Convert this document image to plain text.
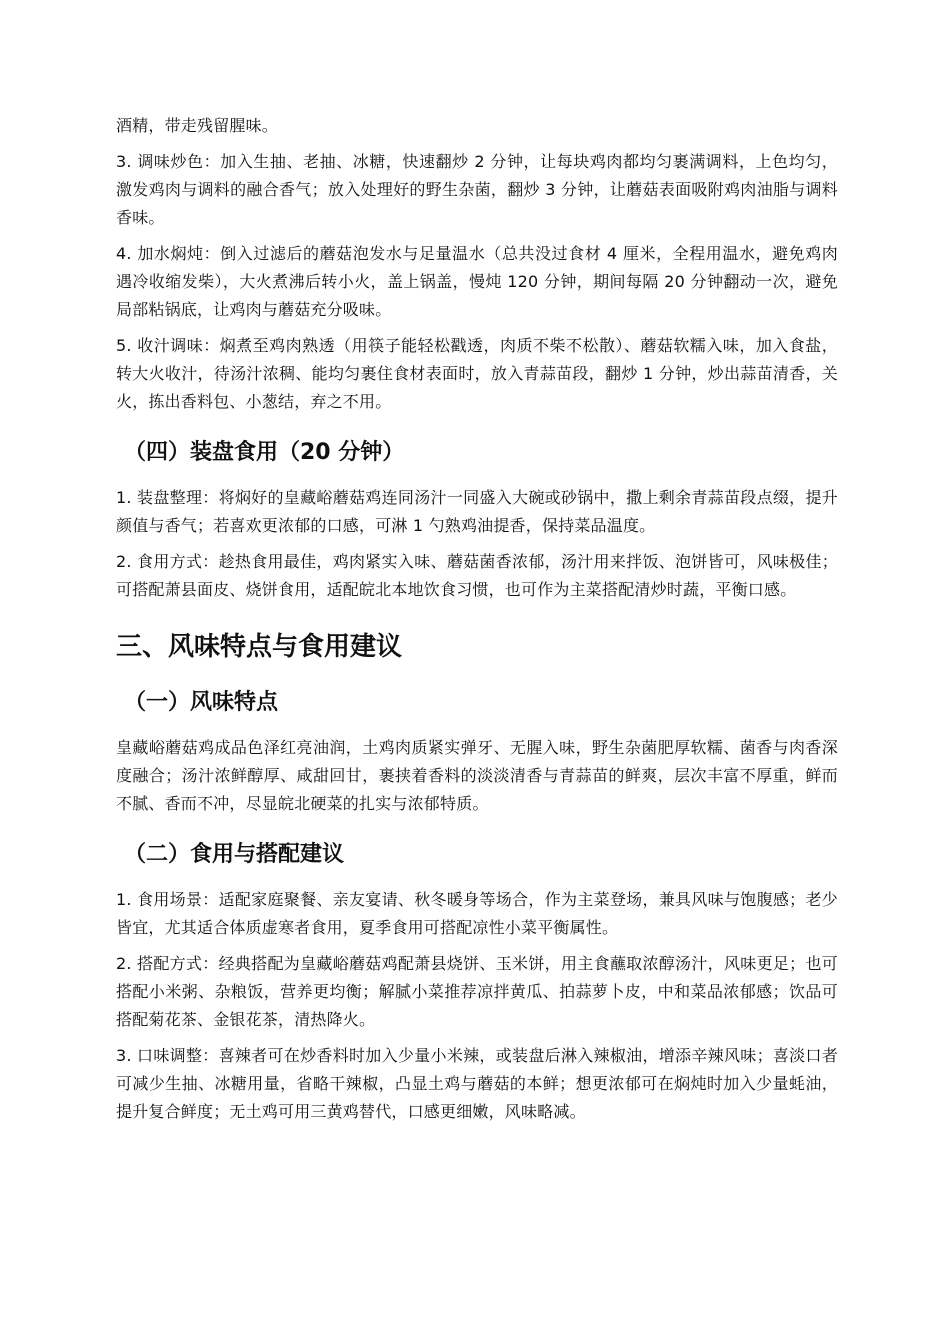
酒精，带走残留腥味。

3. 调味炒色：加入生抽、老抽、冰糖，快速翻炒 2 分钟，让每块鸡肉都均匀裹满调料，上色均匀，激发鸡肉与调料的融合香气；放入处理好的野生杂菌，翻炒 3 分钟，让蘑菇表面吸附鸡肉油脂与调料香味。

4. 加水焖炖：倒入过滤后的蘑菇泡发水与足量温水（总共没过食材 4 厘米，全程用温水，避免鸡肉遇冷收缩发柴），大火煮沸后转小火，盖上锅盖，慢炖 120 分钟，期间每隔 20 分钟翻动一次，避免局部粘锅底，让鸡肉与蘑菇充分吸味。

5. 收汁调味：焖煮至鸡肉熟透（用筷子能轻松戳透，肉质不柴不松散）、蘑菇软糯入味，加入食盐，转大火收汁，待汤汁浓稠、能均匀裹住食材表面时，放入青蒜苗段，翻炒 1 分钟，炒出蒜苗清香，关火，拣出香料包、小葱结，弃之不用。

（四）装盘食用（20 分钟）

1. 装盘整理：将焖好的皇藏峪蘑菇鸡连同汤汁一同盛入大碗或砂锅中，撒上剩余青蒜苗段点缀，提升颜值与香气；若喜欢更浓郁的口感，可淋 1 勺熟鸡油提香，保持菜品温度。

2. 食用方式：趁热食用最佳，鸡肉紧实入味、蘑菇菌香浓郁，汤汁用来拌饭、泡饼皆可，风味极佳；可搭配萧县面皮、烧饼食用，适配皖北本地饮食习惯，也可作为主菜搭配清炒时蔬，平衡口感。

三、风味特点与食用建议
（一）风味特点

皇藏峪蘑菇鸡成品色泽红亮油润，土鸡肉质紧实弹牙、无腥入味，野生杂菌肥厚软糯、菌香与肉香深度融合；汤汁浓鲜醇厚、咸甜回甘，裹挟着香料的淡淡清香与青蒜苗的鲜爽，层次丰富不厚重，鲜而不腻、香而不冲，尽显皖北硬菜的扎实与浓郁特质。

（二）食用与搭配建议

1. 食用场景：适配家庭聚餐、亲友宴请、秋冬暖身等场合，作为主菜登场，兼具风味与饱腹感；老少皆宜，尤其适合体质虚寒者食用，夏季食用可搭配凉性小菜平衡属性。

2. 搭配方式：经典搭配为皇藏峪蘑菇鸡配萧县烧饼、玉米饼，用主食蘸取浓醇汤汁，风味更足；也可搭配小米粥、杂粮饭，营养更均衡；解腻小菜推荐凉拌黄瓜、拍蒜萝卜皮，中和菜品浓郁感；饮品可搭配菊花茶、金银花茶，清热降火。

3. 口味调整：喜辣者可在炒香料时加入少量小米辣，或装盘后淋入辣椒油，增添辛辣风味；喜淡口者可减少生抽、冰糖用量，省略干辣椒，凸显土鸡与蘑菇的本鲜；想更浓郁可在焖炖时加入少量蚝油，提升复合鲜度；无土鸡可用三黄鸡替代，口感更细嫩，风味略减。
